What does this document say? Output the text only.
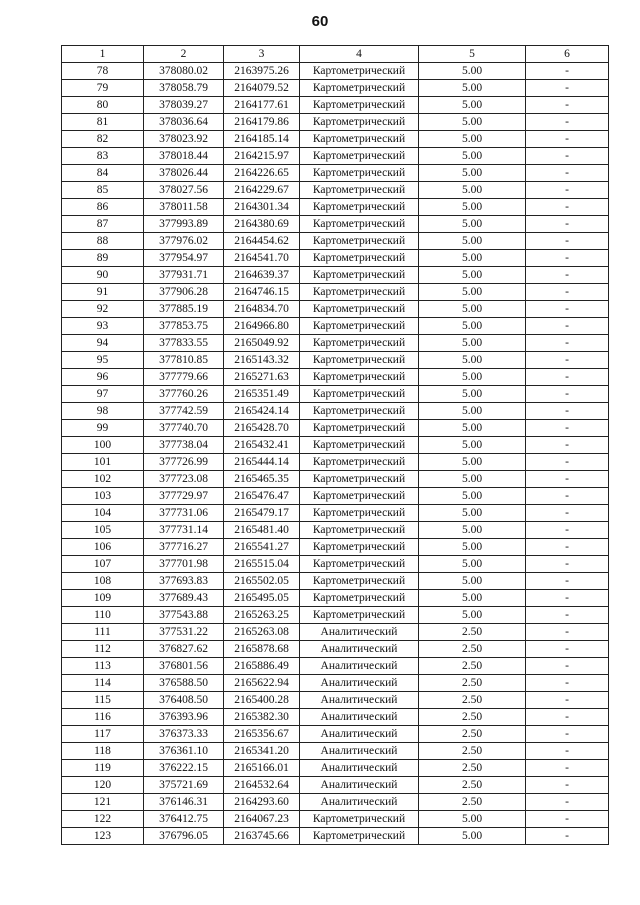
60
1	2	3	4	5	6
78	378080.02	2163975.26	Картометрический	5.00	-
79	378058.79	2164079.52	Картометрический	5.00	-
80	378039.27	2164177.61	Картометрический	5.00	-
81	378036.64	2164179.86	Картометрический	5.00	-
82	378023.92	2164185.14	Картометрический	5.00	-
83	378018.44	2164215.97	Картометрический	5.00	-
84	378026.44	2164226.65	Картометрический	5.00	-
85	378027.56	2164229.67	Картометрический	5.00	-
86	378011.58	2164301.34	Картометрический	5.00	-
87	377993.89	2164380.69	Картометрический	5.00	-
88	377976.02	2164454.62	Картометрический	5.00	-
89	377954.97	2164541.70	Картометрический	5.00	-
90	377931.71	2164639.37	Картометрический	5.00	-
91	377906.28	2164746.15	Картометрический	5.00	-
92	377885.19	2164834.70	Картометрический	5.00	-
93	377853.75	2164966.80	Картометрический	5.00	-
94	377833.55	2165049.92	Картометрический	5.00	-
95	377810.85	2165143.32	Картометрический	5.00	-
96	377779.66	2165271.63	Картометрический	5.00	-
97	377760.26	2165351.49	Картометрический	5.00	-
98	377742.59	2165424.14	Картометрический	5.00	-
99	377740.70	2165428.70	Картометрический	5.00	-
100	377738.04	2165432.41	Картометрический	5.00	-
101	377726.99	2165444.14	Картометрический	5.00	-
102	377723.08	2165465.35	Картометрический	5.00	-
103	377729.97	2165476.47	Картометрический	5.00	-
104	377731.06	2165479.17	Картометрический	5.00	-
105	377731.14	2165481.40	Картометрический	5.00	-
106	377716.27	2165541.27	Картометрический	5.00	-
107	377701.98	2165515.04	Картометрический	5.00	-
108	377693.83	2165502.05	Картометрический	5.00	-
109	377689.43	2165495.05	Картометрический	5.00	-
110	377543.88	2165263.25	Картометрический	5.00	-
111	377531.22	2165263.08	Аналитический	2.50	-
112	376827.62	2165878.68	Аналитический	2.50	-
113	376801.56	2165886.49	Аналитический	2.50	-
114	376588.50	2165622.94	Аналитический	2.50	-
115	376408.50	2165400.28	Аналитический	2.50	-
116	376393.96	2165382.30	Аналитический	2.50	-
117	376373.33	2165356.67	Аналитический	2.50	-
118	376361.10	2165341.20	Аналитический	2.50	-
119	376222.15	2165166.01	Аналитический	2.50	-
120	375721.69	2164532.64	Аналитический	2.50	-
121	376146.31	2164293.60	Аналитический	2.50	-
122	376412.75	2164067.23	Картометрический	5.00	-
123	376796.05	2163745.66	Картометрический	5.00	-
